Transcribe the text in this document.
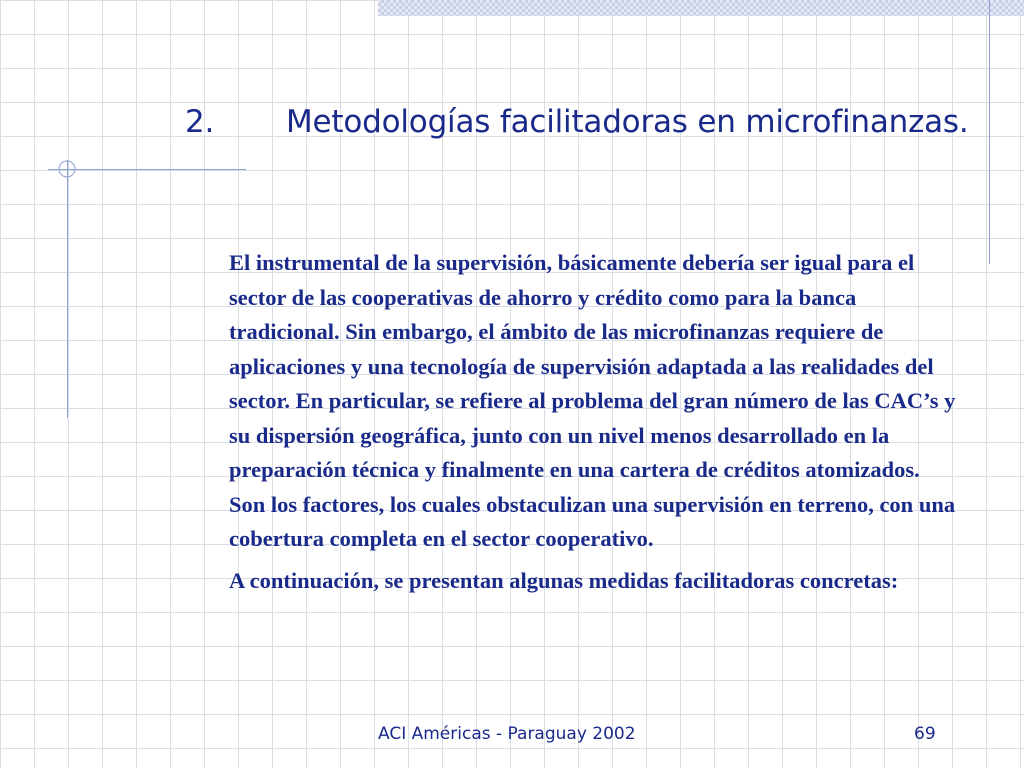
2. Metodologías facilitadoras en microfinanzas.

El instrumental de la supervisión, básicamente debería ser igual para el sector de las cooperativas de ahorro y crédito como para la banca tradicional. Sin embargo, el ámbito de las microfinanzas requiere de aplicaciones y una tecnología de supervisión adaptada a las realidades del sector. En particular, se refiere al problema del gran número de las CAC’s y su dispersión geográfica, junto con un nivel menos desarrollado en la preparación técnica y finalmente en una cartera de créditos atomizados. Son los factores, los cuales obstaculizan una supervisión en terreno, con una cobertura completa en el sector cooperativo.

A continuación, se presentan algunas medidas facilitadoras concretas:

ACI Américas - Paraguay 2002	69
